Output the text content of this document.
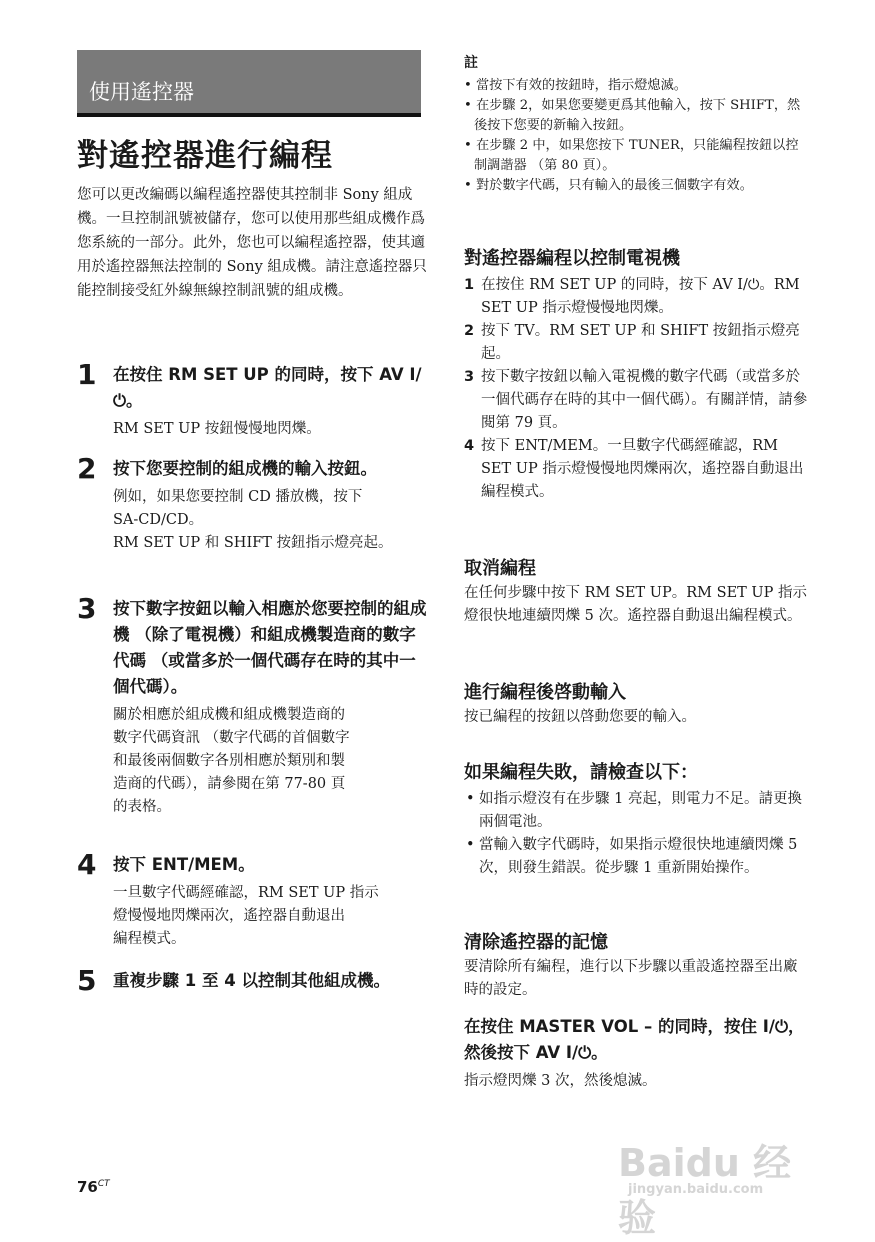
使用遙控器
對遙控器進行編程
您可以更改編碼以編程遙控器使其控制非 Sony 組成機。一旦控制訊號被儲存，您可以使用那些組成機作爲您系統的一部分。此外，您也可以編程遙控器，使其適用於遙控器無法控制的 Sony 組成機。請注意遙控器只能控制接受紅外線無線控制訊號的組成機。
1 在按住 RM SET UP 的同時，按下 AV I/⏻。
RM SET UP 按鈕慢慢地閃爍。
2 按下您要控制的組成機的輸入按鈕。
例如，如果您要控制 CD 播放機，按下
SA-CD/CD。
RM SET UP 和 SHIFT 按鈕指示燈亮起。
3 按下數字按鈕以輸入相應於您要控制的組成機 （除了電視機）和組成機製造商的數字代碼 （或當多於一個代碼存在時的其中一個代碼）。
關於相應於組成機和組成機製造商的
數字代碼資訊 （數字代碼的首個數字
和最後兩個數字各別相應於類別和製
造商的代碼），請參閱在第 77-80 頁
的表格。
4 按下 ENT/MEM。
一旦數字代碼經確認，RM SET UP 指示
燈慢慢地閃爍兩次，遙控器自動退出
編程模式。
5 重複步驟 1 至 4 以控制其他組成機。
註
• 當按下有效的按鈕時，指示燈熄滅。
• 在步驟 2，如果您要變更爲其他輸入，按下 SHIFT，然後按下您要的新輸入按鈕。
• 在步驟 2 中，如果您按下 TUNER，只能編程按鈕以控制調諧器 （第 80 頁）。
• 對於數字代碼，只有輸入的最後三個數字有效。
對遙控器編程以控制電視機
1 在按住 RM SET UP 的同時，按下 AV I/⏻。RM SET UP 指示燈慢慢地閃爍。
2 按下 TV。RM SET UP 和 SHIFT 按鈕指示燈亮起。
3 按下數字按鈕以輸入電視機的數字代碼（或當多於一個代碼存在時的其中一個代碼）。有關詳情，請參閱第 79 頁。
4 按下 ENT/MEM。一旦數字代碼經確認，RM SET UP 指示燈慢慢地閃爍兩次，遙控器自動退出編程模式。
取消編程
在任何步驟中按下 RM SET UP。RM SET UP 指示燈很快地連續閃爍 5 次。遙控器自動退出編程模式。
進行編程後啓動輸入
按已編程的按鈕以啓動您要的輸入。
如果編程失敗，請檢查以下：
• 如指示燈沒有在步驟 1 亮起，則電力不足。請更換兩個電池。
• 當輸入數字代碼時，如果指示燈很快地連續閃爍 5 次，則發生錯誤。從步驟 1 重新開始操作。
清除遙控器的記憶
要清除所有編程，進行以下步驟以重設遙控器至出廠時的設定。
在按住 MASTER VOL – 的同時，按住 I/⏻，然後按下 AV I/⏻。
指示燈閃爍 3 次，然後熄滅。
$76^{CT}$	Baidu 经验
jingyan.baidu.com
